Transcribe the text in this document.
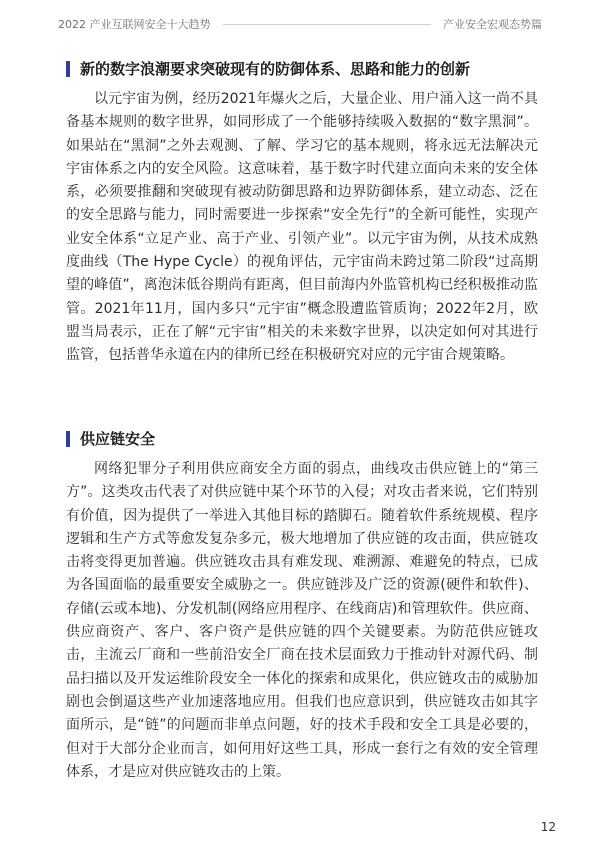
2022 产业互联网安全十大趋势	产业安全宏观态势篇
新的数字浪潮要求突破现有的防御体系、思路和能力的创新

以元宇宙为例，经历2021年爆火之后，大量企业、用户涌入这一尚不具备基本规则的数字世界，如同形成了一个能够持续吸入数据的“数字黑洞”。如果站在“黑洞”之外去观测、了解、学习它的基本规则，将永远无法解决元宇宙体系之内的安全风险。这意味着，基于数字时代建立面向未来的安全体系，必须要推翻和突破现有被动防御思路和边界防御体系，建立动态、泛在的安全思路与能力，同时需要进一步探索“安全先行”的全新可能性，实现产业安全体系“立足产业、高于产业、引领产业”。以元宇宙为例，从技术成熟度曲线（The Hype Cycle）的视角评估，元宇宙尚未跨过第二阶段“过高期望的峰值”，离泡沫低谷期尚有距离，但目前海内外监管机构已经积极推动监管。2021年11月，国内多只“元宇宙”概念股遭监管质询；2022年2月，欧盟当局表示，正在了解“元宇宙”相关的未来数字世界，以决定如何对其进行监管，包括普华永道在内的律所已经在积极研究对应的元宇宙合规策略。

供应链安全

网络犯罪分子利用供应商安全方面的弱点，曲线攻击供应链上的“第三方”。这类攻击代表了对供应链中某个环节的入侵；对攻击者来说，它们特别有价值，因为提供了一举进入其他目标的踏脚石。随着软件系统规模、程序逻辑和生产方式等愈发复杂多元，极大地增加了供应链的攻击面，供应链攻击将变得更加普遍。供应链攻击具有难发现、难溯源、难避免的特点，已成为各国面临的最重要安全威胁之一。供应链涉及广泛的资源(硬件和软件)、存储(云或本地)、分发机制(网络应用程序、在线商店)和管理软件。供应商、供应商资产、客户、客户资产是供应链的四个关键要素。为防范供应链攻击，主流云厂商和一些前沿安全厂商在技术层面致力于推动针对源代码、制品扫描以及开发运维阶段安全一体化的探索和成果化，供应链攻击的威胁加剧也会倒逼这些产业加速落地应用。但我们也应意识到，供应链攻击如其字面所示，是“链”的问题而非单点问题，好的技术手段和安全工具是必要的，但对于大部分企业而言，如何用好这些工具，形成一套行之有效的安全管理体系，才是应对供应链攻击的上策。

12
